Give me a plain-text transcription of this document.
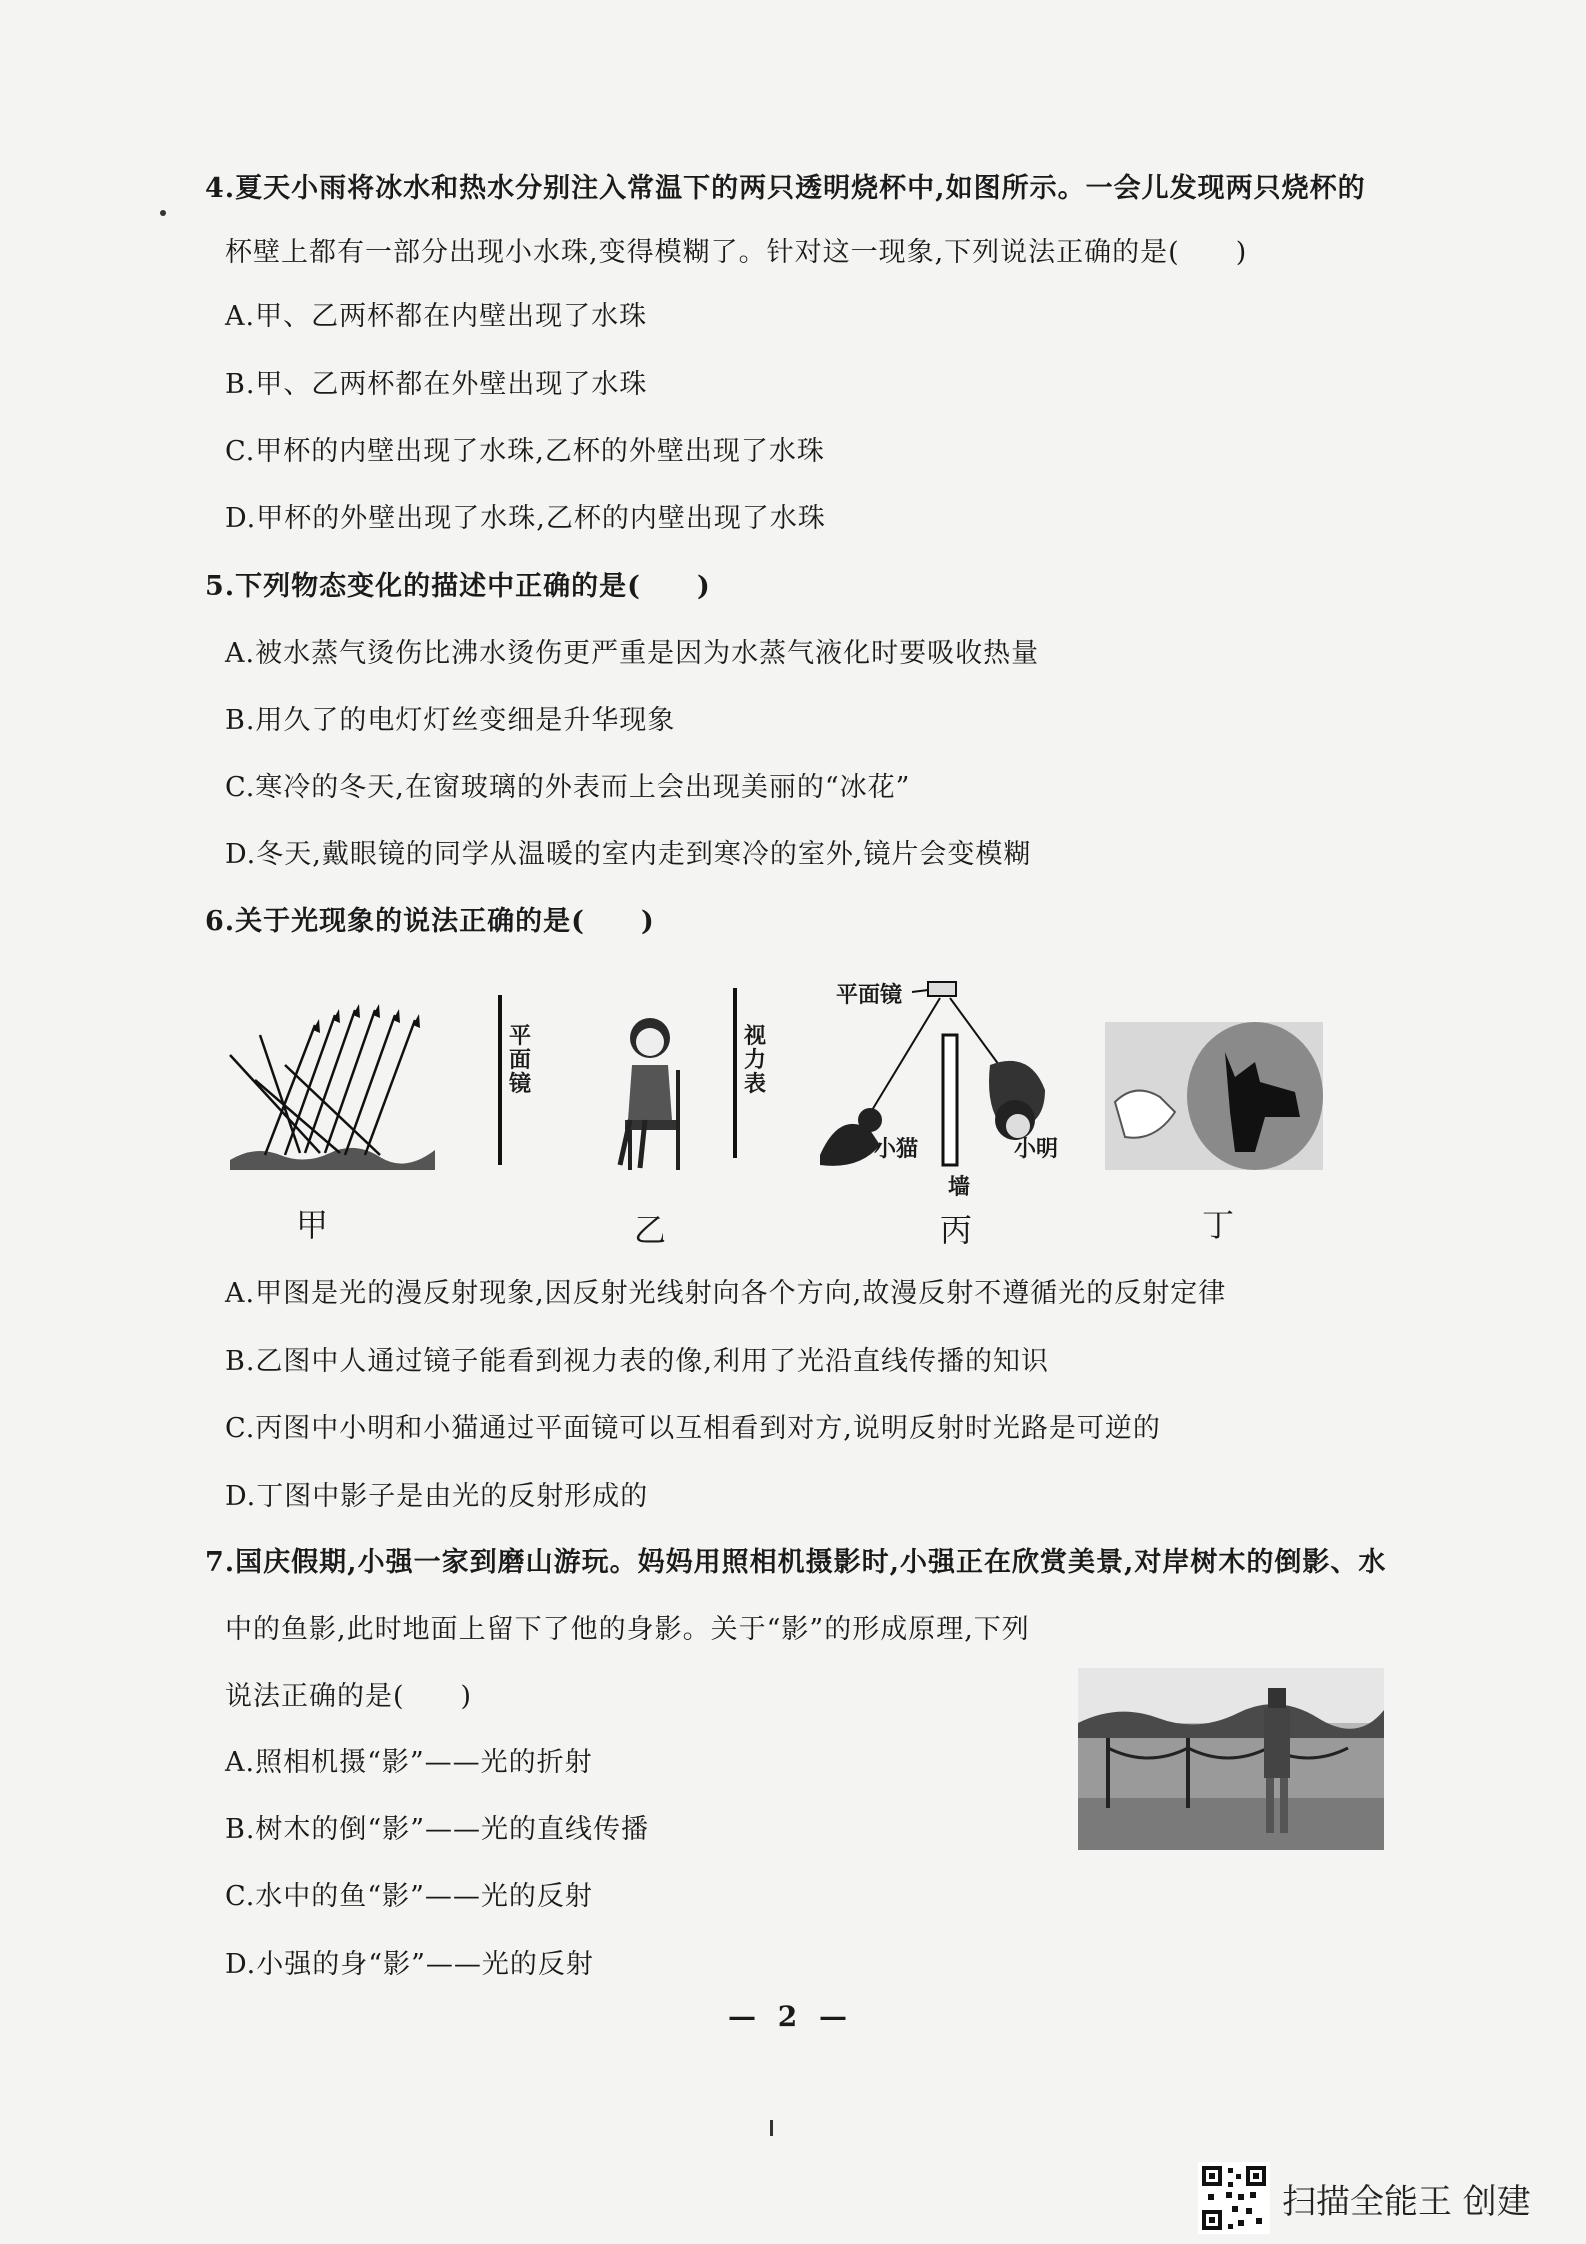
4.夏天小雨将冰水和热水分别注入常温下的两只透明烧杯中,如图所示。一会儿发现两只烧杯的
杯壁上都有一部分出现小水珠,变得模糊了。针对这一现象,下列说法正确的是(　　)
A.甲、乙两杯都在内壁出现了水珠
B.甲、乙两杯都在外壁出现了水珠
C.甲杯的内壁出现了水珠,乙杯的外壁出现了水珠
D.甲杯的外壁出现了水珠,乙杯的内壁出现了水珠
5.下列物态变化的描述中正确的是(　　)
A.被水蒸气烫伤比沸水烫伤更严重是因为水蒸气液化时要吸收热量
B.用久了的电灯灯丝变细是升华现象
C.寒冷的冬天,在窗玻璃的外表而上会出现美丽的“冰花”
D.冬天,戴眼镜的同学从温暖的室内走到寒冷的室外,镜片会变模糊
6.关于光现象的说法正确的是(　　)
甲
平面镜
视力表
乙
平面镜
小猫
墙
小明
丙	丁
A.甲图是光的漫反射现象,因反射光线射向各个方向,故漫反射不遵循光的反射定律
B.乙图中人通过镜子能看到视力表的像,利用了光沿直线传播的知识
C.丙图中小明和小猫通过平面镜可以互相看到对方,说明反射时光路是可逆的
D.丁图中影子是由光的反射形成的
7.国庆假期,小强一家到磨山游玩。妈妈用照相机摄影时,小强正在欣赏美景,对岸树木的倒影、水
中的鱼影,此时地面上留下了他的身影。关于“影”的形成原理,下列
说法正确的是(　　)
A.照相机摄“影”——光的折射
B.树木的倒“影”——光的直线传播
C.水中的鱼“影”——光的反射
D.小强的身“影”——光的反射
— 2 —
扫描全能王 创建
